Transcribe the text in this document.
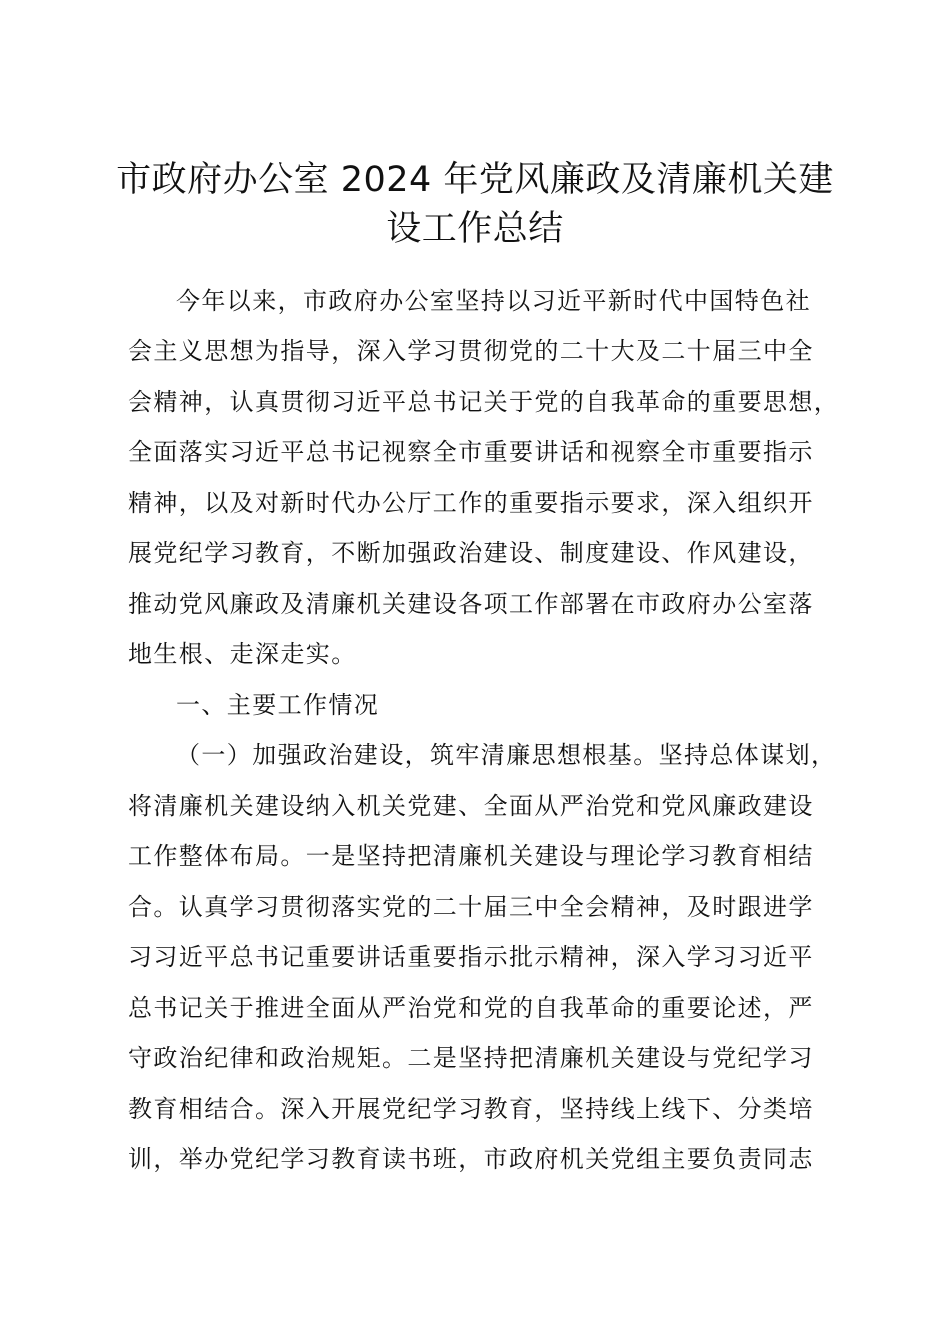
市政府办公室 2024 年党风廉政及清廉机关建
设工作总结
今年以来，市政府办公室坚持以习近平新时代中国特色社
会主义思想为指导，深入学习贯彻党的二十大及二十届三中全
会精神，认真贯彻习近平总书记关于党的自我革命的重要思想，
全面落实习近平总书记视察全市重要讲话和视察全市重要指示
精神，以及对新时代办公厅工作的重要指示要求，深入组织开
展党纪学习教育，不断加强政治建设、制度建设、作风建设，
推动党风廉政及清廉机关建设各项工作部署在市政府办公室落
地生根、走深走实。
一、主要工作情况
（一）加强政治建设，筑牢清廉思想根基。坚持总体谋划，
将清廉机关建设纳入机关党建、全面从严治党和党风廉政建设
工作整体布局。一是坚持把清廉机关建设与理论学习教育相结
合。认真学习贯彻落实党的二十届三中全会精神，及时跟进学
习习近平总书记重要讲话重要指示批示精神，深入学习习近平
总书记关于推进全面从严治党和党的自我革命的重要论述，严
守政治纪律和政治规矩。二是坚持把清廉机关建设与党纪学习
教育相结合。深入开展党纪学习教育，坚持线上线下、分类培
训，举办党纪学习教育读书班，市政府机关党组主要负责同志
